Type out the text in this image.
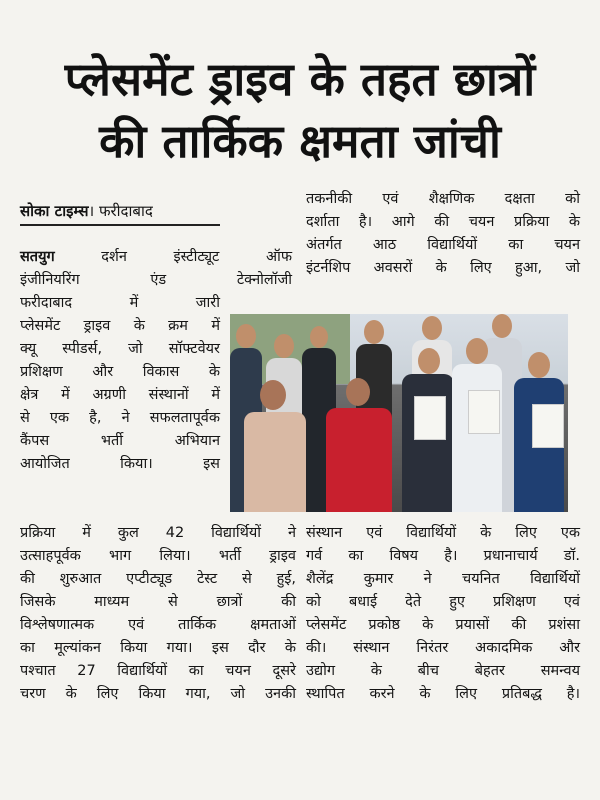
प्लेसमेंट ड्राइव के तहत छात्रों
की तार्किक क्षमता जांची
सोका टाइम्स। फरीदाबाद
तकनीकी एवं शैक्षणिक दक्षता को
दर्शाता है। आगे की चयन प्रक्रिया के
अंतर्गत आठ विद्यार्थियों का चयन
इंटर्नशिप अवसरों के लिए हुआ, जो
सतयुग	दर्शन इंस्टीट्यूट ऑफ
इंजीनियरिंग एंड टेक्नोलॉजी
फरीदाबाद में जारी
प्लेसमेंट ड्राइव के क्रम में
क्यू स्पीडर्स, जो सॉफ्टवेयर
प्रशिक्षण और विकास के
क्षेत्र में अग्रणी संस्थानों में
से एक है, ने सफलतापूर्वक
कैंपस भर्ती अभियान
आयोजित किया। इस
प्रक्रिया में कुल 42 विद्यार्थियों ने
उत्साहपूर्वक भाग लिया। भर्ती ड्राइव
की शुरुआत एप्टीट्यूड टेस्ट से हुई,
जिसके माध्यम से छात्रों की
विश्लेषणात्मक एवं तार्किक क्षमताओं
का मूल्यांकन किया गया। इस दौर के
पश्चात 27 विद्यार्थियों का चयन दूसरे
चरण के लिए किया गया, जो उनकी
संस्थान एवं विद्यार्थियों के लिए एक
गर्व का विषय है। प्रधानाचार्य डॉ.
शैलेंद्र कुमार ने चयनित विद्यार्थियों
को बधाई देते हुए प्रशिक्षण एवं
प्लेसमेंट प्रकोष्ठ के प्रयासों की प्रशंसा
की। संस्थान निरंतर अकादमिक और
उद्योग के बीच बेहतर समन्वय
स्थापित करने के लिए प्रतिबद्ध है।
